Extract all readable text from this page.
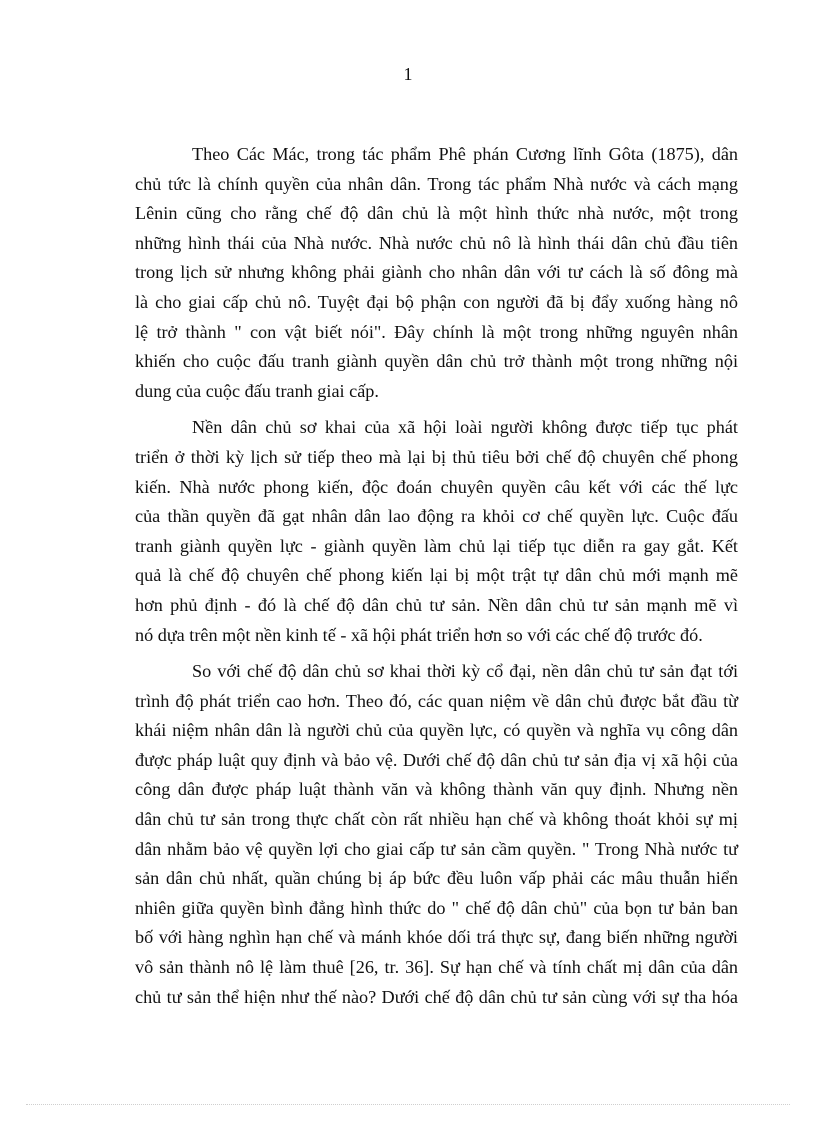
1
Theo Các Mác, trong tác phẩm Phê phán Cương lĩnh Gôta (1875), dân
chủ tức là chính quyền của nhân dân. Trong tác phẩm Nhà nước và cách mạng
Lênin cũng cho rằng chế độ dân chủ là một hình thức nhà nước, một trong
những hình thái của Nhà nước. Nhà nước chủ nô là hình thái dân chủ đầu tiên
trong lịch sử nhưng không phải giành cho nhân dân với tư cách là số đông mà
là cho giai cấp chủ nô. Tuyệt đại bộ phận con người đã bị đẩy xuống hàng nô
lệ trở thành " con vật biết nói". Đây chính là một trong những nguyên nhân
khiến cho cuộc đấu tranh giành quyền dân chủ trở thành một trong những nội
dung của cuộc đấu tranh giai cấp.
Nền dân chủ sơ khai của xã hội loài người không được tiếp tục phát
triển ở thời kỳ lịch sử tiếp theo mà lại bị thủ tiêu bởi chế độ chuyên chế phong
kiến. Nhà nước phong kiến, độc đoán chuyên quyền câu kết với các thế lực
của thần quyền đã gạt nhân dân lao động ra khỏi cơ chế quyền lực. Cuộc đấu
tranh giành quyền lực - giành quyền làm chủ lại tiếp tục diễn ra gay gắt. Kết
quả là chế độ chuyên chế phong kiến lại bị một trật tự dân chủ mới mạnh mẽ
hơn phủ định - đó là chế độ dân chủ tư sản. Nền dân chủ tư sản mạnh mẽ vì
nó dựa trên một nền kinh tế - xã hội phát triển hơn so với các chế độ trước đó.
So với chế độ dân chủ sơ khai thời kỳ cổ đại, nền dân chủ tư sản đạt tới
trình độ phát triển cao hơn. Theo đó, các quan niệm về dân chủ được bắt đầu từ
khái niệm nhân dân là người chủ của quyền lực, có quyền và nghĩa vụ công dân
được pháp luật quy định và bảo vệ. Dưới chế độ dân chủ tư sản địa vị xã hội của
công dân được pháp luật thành văn và không thành văn quy định. Nhưng nền
dân chủ tư sản trong thực chất còn rất nhiều hạn chế và không thoát khỏi sự mị
dân nhằm bảo vệ quyền lợi cho giai cấp tư sản cầm quyền. " Trong Nhà nước tư
sản dân chủ nhất, quần chúng bị áp bức đều luôn vấp phải các mâu thuẫn hiển
nhiên giữa quyền bình đẳng hình thức do " chế độ dân chủ" của bọn tư bản ban
bố với hàng nghìn hạn chế và mánh khóe dối trá thực sự, đang biến những người
vô sản thành nô lệ làm thuê [26, tr. 36]. Sự hạn chế và tính chất mị dân của dân
chủ tư sản thể hiện như thế nào? Dưới chế độ dân chủ tư sản cùng với sự tha hóa
